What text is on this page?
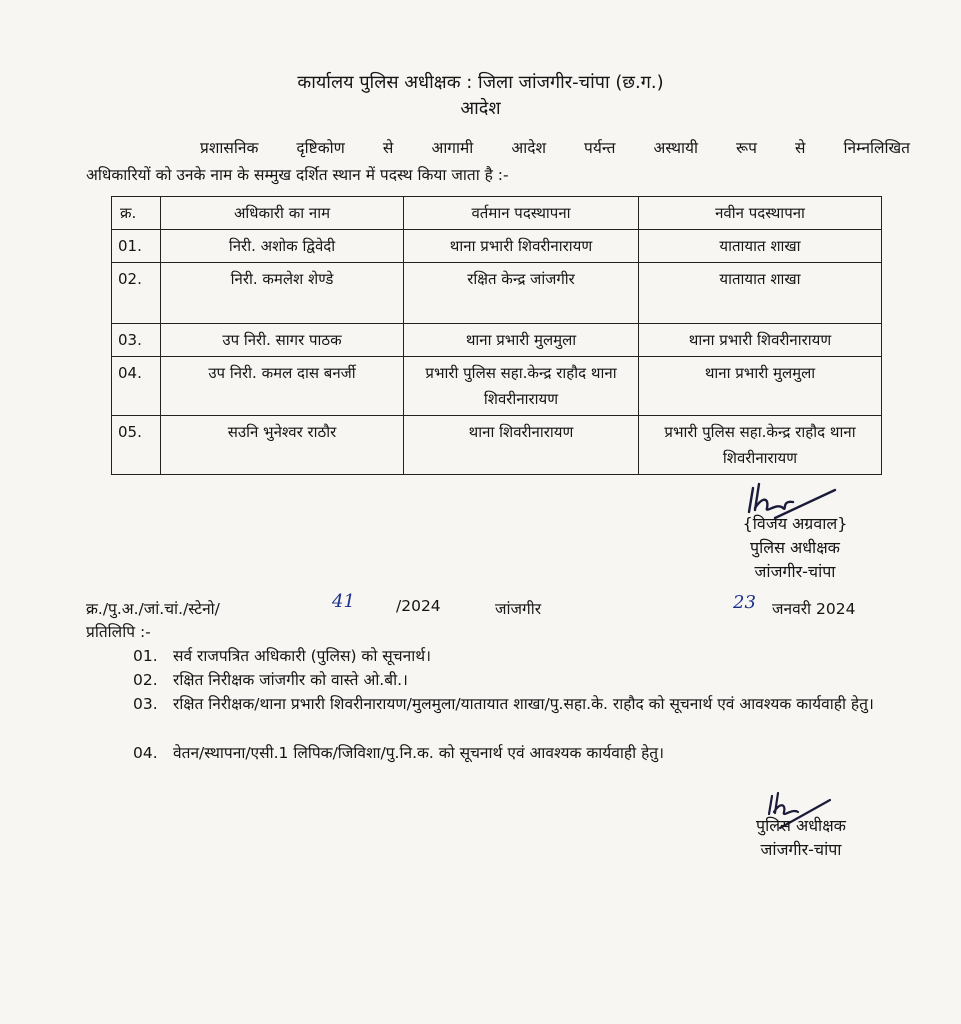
कार्यालय पुलिस अधीक्षक : जिला जांजगीर-चांपा (छ.ग.)
आदेश

प्रशासनिक दृष्टिकोण से आगामी आदेश पर्यन्त अस्थायी रूप से निम्नलिखित

अधिकारियों को उनके नाम के सम्मुख दर्शित स्थान में पदस्थ किया जाता है :-

क्र.	अधिकारी का नाम	वर्तमान पदस्थापना	नवीन पदस्थापना
01.	निरी. अशोक द्विवेदी	थाना प्रभारी शिवरीनारायण	यातायात शाखा
02.	निरी. कमलेश शेण्डे	रक्षित केन्द्र जांजगीर	यातायात शाखा
03.	उप निरी. सागर पाठक	थाना प्रभारी मुलमुला	थाना प्रभारी शिवरीनारायण
04.	उप निरी. कमल दास बनर्जी	प्रभारी पुलिस सहा.केन्द्र राहौद थाना शिवरीनारायण	थाना प्रभारी मुलमुला
05.	सउनि भुनेश्वर राठौर	थाना शिवरीनारायण	प्रभारी पुलिस सहा.केन्द्र राहौद थाना शिवरीनारायण
{विजय अग्रवाल}
पुलिस अधीक्षक
जांजगीर-चांपा
क्र./पु.अ./जां.चां./स्टेनो/	41	/2024	जांजगीर	23 जनवरी 2024
प्रतिलिपि :-
01. सर्व राजपत्रित अधिकारी (पुलिस) को सूचनार्थ।
02. रक्षित निरीक्षक जांजगीर को वास्ते ओ.बी.।
03. रक्षित निरीक्षक/थाना प्रभारी शिवरीनारायण/मुलमुला/यातायात शाखा/पु.सहा.के. राहौद को सूचनार्थ एवं आवश्यक कार्यवाही हेतु।
04. वेतन/स्थापना/एसी.1 लिपिक/जिविशा/पु.नि.क. को सूचनार्थ एवं आवश्यक कार्यवाही हेतु।
पुलिस अधीक्षक
जांजगीर-चांपा
